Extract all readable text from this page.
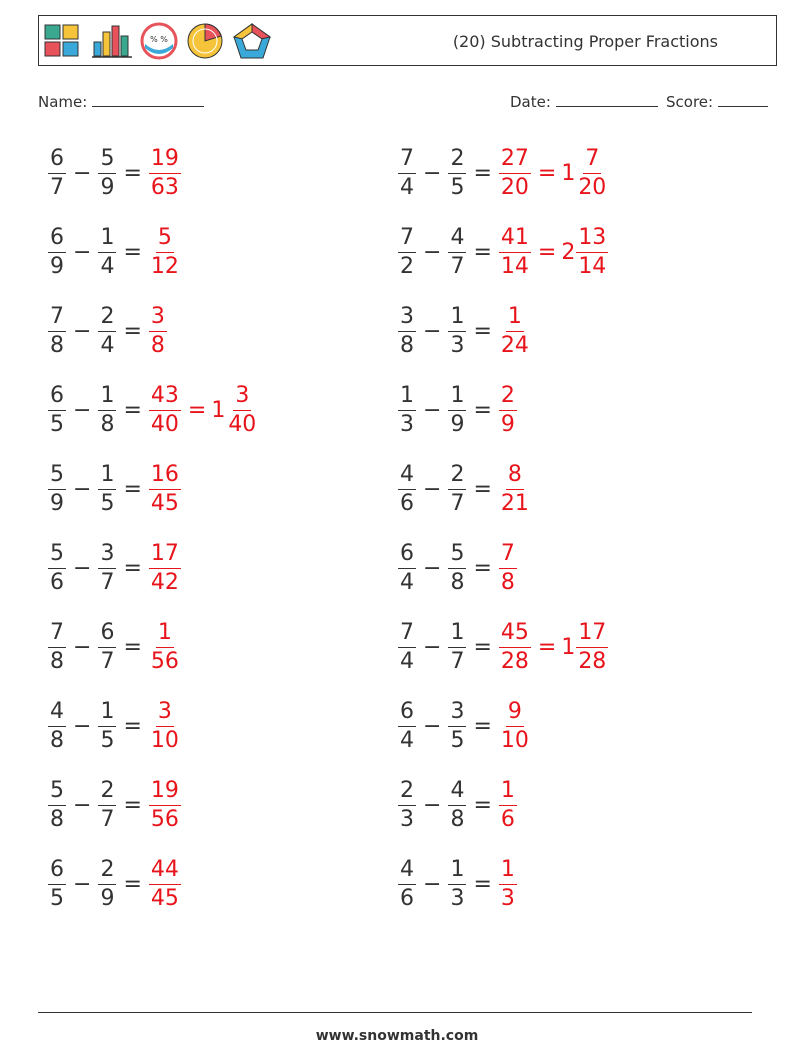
% %	(20) Subtracting Proper Fractions
Name:	Date:	Score:
$\frac{6}{7} - \frac{5}{9} = \frac{19}{63}$	$\frac{7}{4} - \frac{2}{5} = \frac{27}{20} = 1 \frac{7}{20}$
$\frac{6}{9} - \frac{1}{4} = \frac{5}{12}$	$\frac{7}{2} - \frac{4}{7} = \frac{41}{14} = 2 \frac{13}{14}$
$\frac{7}{8} - \frac{2}{4} = \frac{3}{8}$	$\frac{3}{8} - \frac{1}{3} = \frac{1}{24}$
$\frac{6}{5} - \frac{1}{8} = \frac{43}{40} = 1 \frac{3}{40}$	$\frac{1}{3} - \frac{1}{9} = \frac{2}{9}$
$\frac{5}{9} - \frac{1}{5} = \frac{16}{45}$	$\frac{4}{6} - \frac{2}{7} = \frac{8}{21}$
$\frac{5}{6} - \frac{3}{7} = \frac{17}{42}$	$\frac{6}{4} - \frac{5}{8} = \frac{7}{8}$
$\frac{7}{8} - \frac{6}{7} = \frac{1}{56}$	$\frac{7}{4} - \frac{1}{7} = \frac{45}{28} = 1 \frac{17}{28}$
$\frac{4}{8} - \frac{1}{5} = \frac{3}{10}$	$\frac{6}{4} - \frac{3}{5} = \frac{9}{10}$
$\frac{5}{8} - \frac{2}{7} = \frac{19}{56}$	$\frac{2}{3} - \frac{4}{8} = \frac{1}{6}$
$\frac{6}{5} - \frac{2}{9} = \frac{44}{45}$	$\frac{4}{6} - \frac{1}{3} = \frac{1}{3}$
www.snowmath.com
